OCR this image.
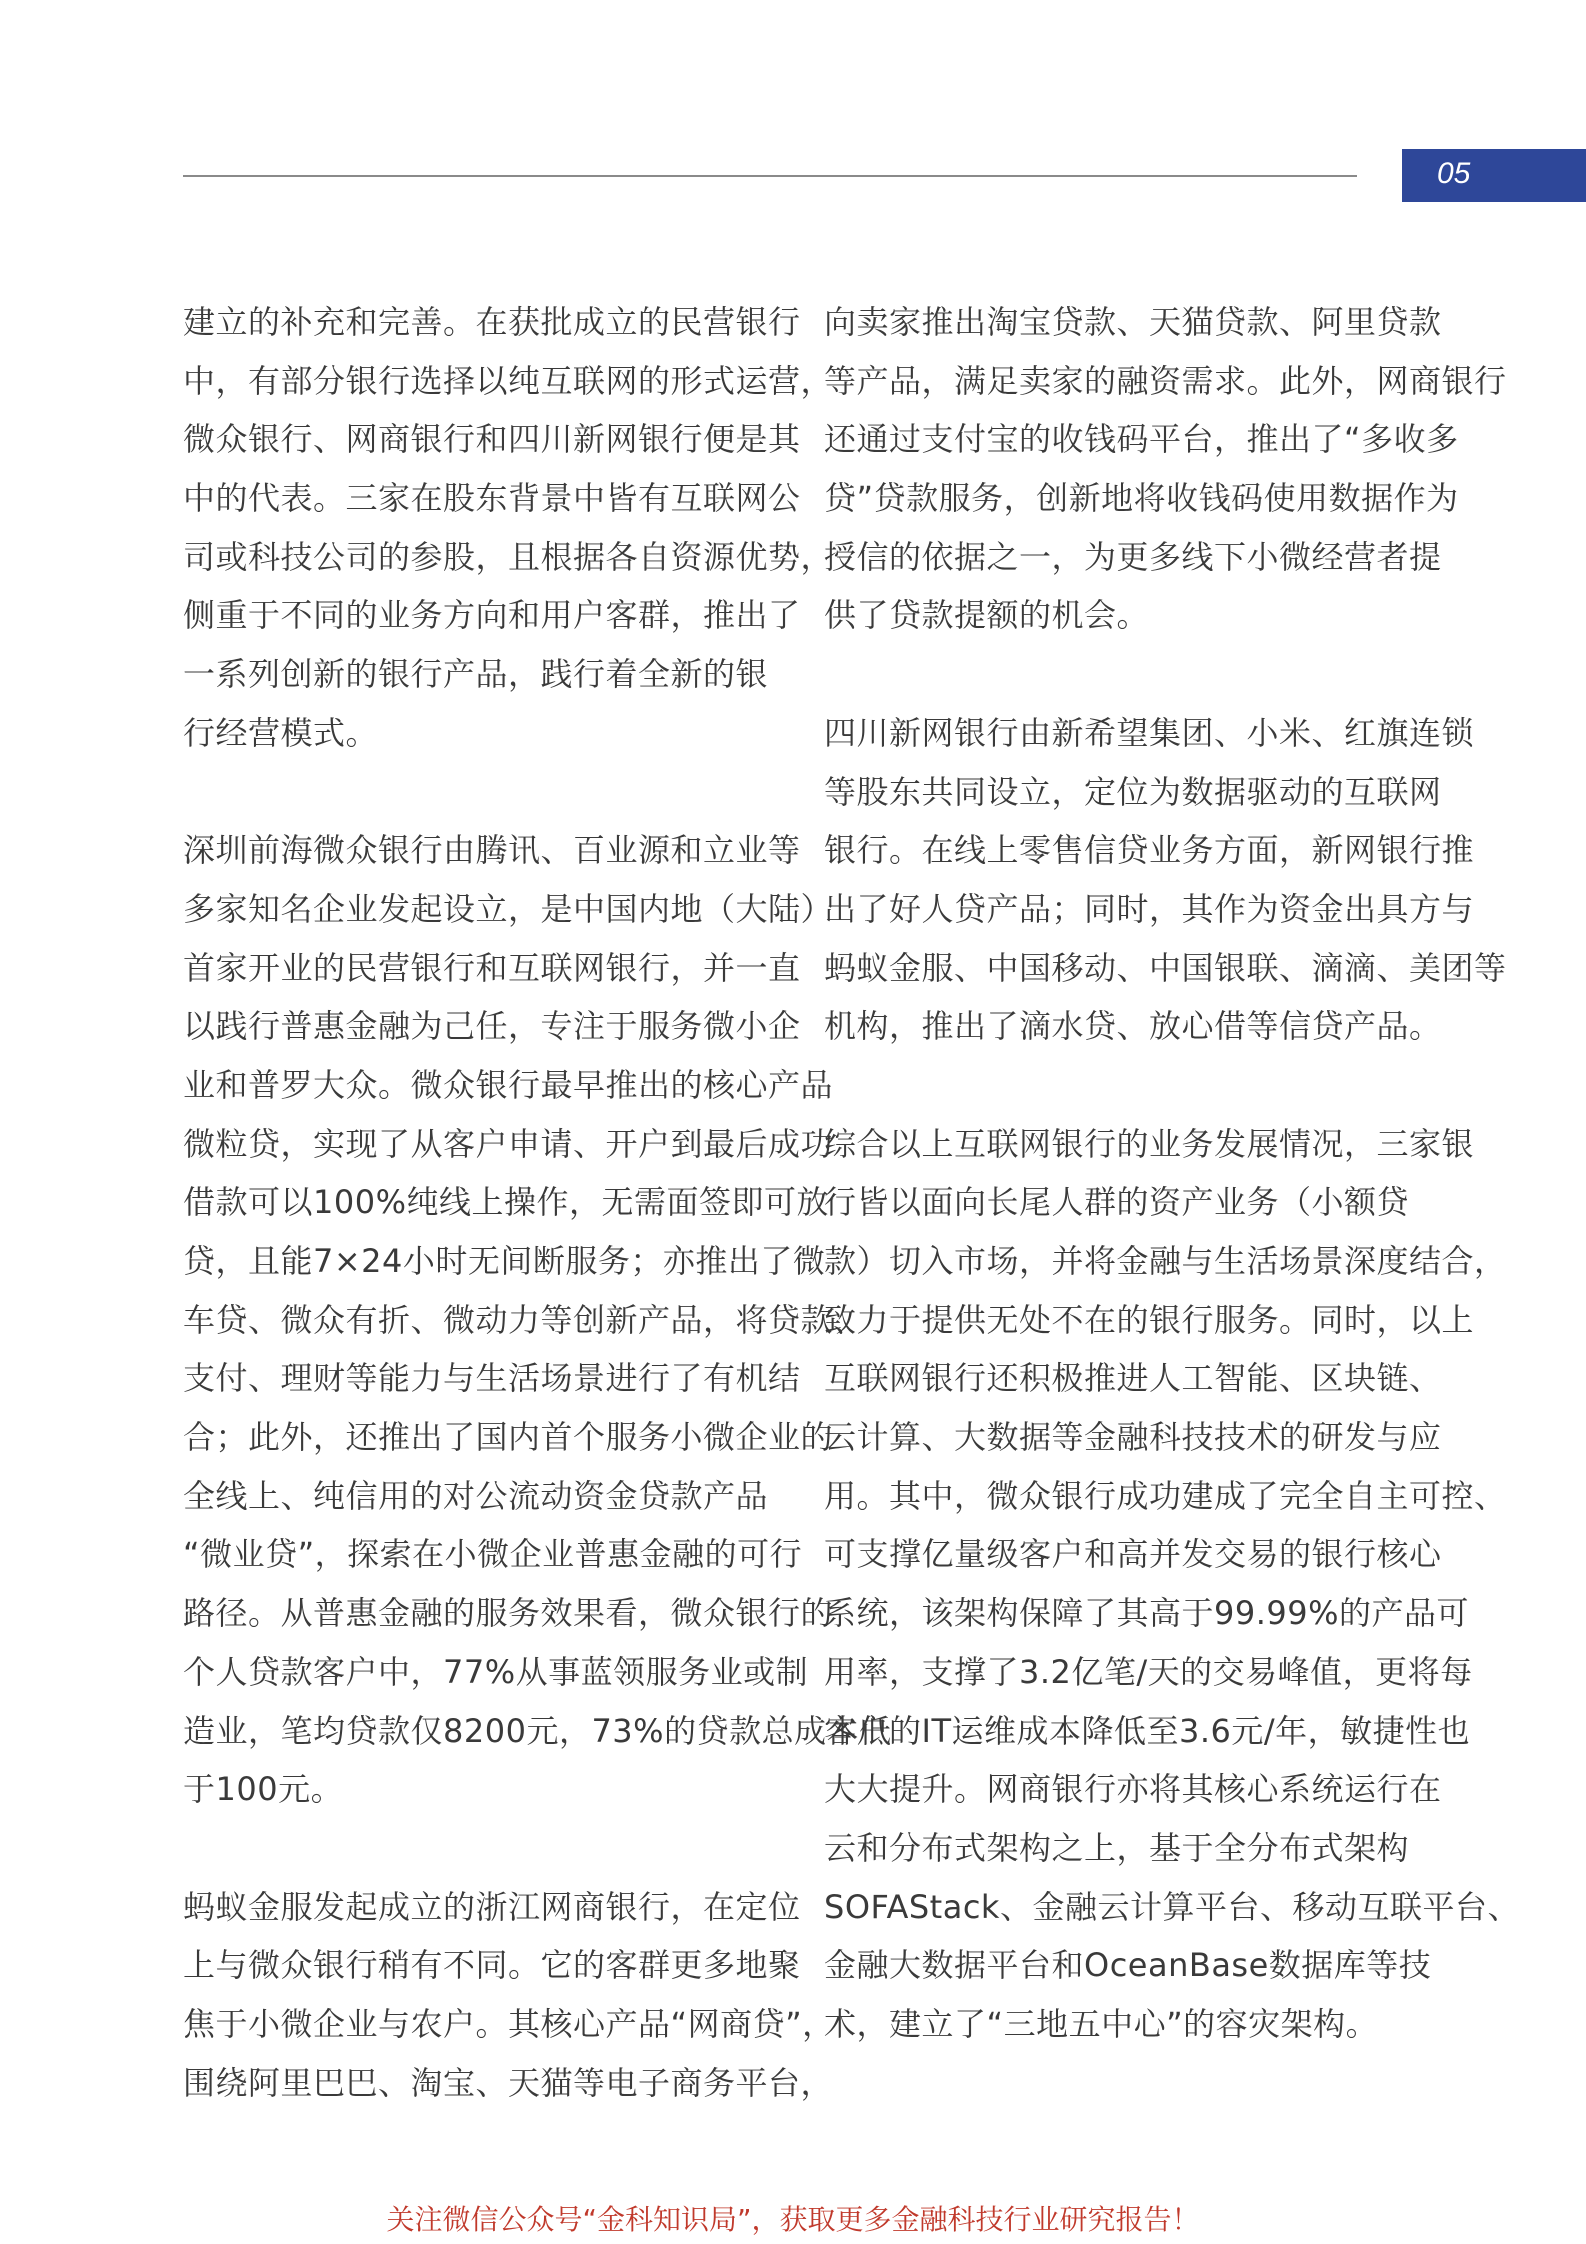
05
建立的补充和完善。在获批成立的民营银行
中，有部分银行选择以纯互联网的形式运营，
微众银行、网商银行和四川新网银行便是其
中的代表。三家在股东背景中皆有互联网公
司或科技公司的参股，且根据各自资源优势，
侧重于不同的业务方向和用户客群，推出了
一系列创新的银行产品，践行着全新的银
行经营模式。
深圳前海微众银行由腾讯、百业源和立业等
多家知名企业发起设立，是中国内地（大陆）
首家开业的民营银行和互联网银行，并一直
以践行普惠金融为己任，专注于服务微小企
业和普罗大众。微众银行最早推出的核心产品
微粒贷，实现了从客户申请、开户到最后成功
借款可以100%纯线上操作，无需面签即可放
贷，且能7×24小时无间断服务；亦推出了微
车贷、微众有折、微动力等创新产品，将贷款、
支付、理财等能力与生活场景进行了有机结
合；此外，还推出了国内首个服务小微企业的
全线上、纯信用的对公流动资金贷款产品
“微业贷”，探索在小微企业普惠金融的可行
路径。从普惠金融的服务效果看，微众银行的
个人贷款客户中，77%从事蓝领服务业或制
造业，笔均贷款仅8200元，73%的贷款总成本低
于100元。
蚂蚁金服发起成立的浙江网商银行，在定位
上与微众银行稍有不同。它的客群更多地聚
焦于小微企业与农户。其核心产品“网商贷”，
围绕阿里巴巴、淘宝、天猫等电子商务平台，
向卖家推出淘宝贷款、天猫贷款、阿里贷款
等产品，满足卖家的融资需求。此外，网商银行
还通过支付宝的收钱码平台，推出了“多收多
贷”贷款服务，创新地将收钱码使用数据作为
授信的依据之一，为更多线下小微经营者提
供了贷款提额的机会。
四川新网银行由新希望集团、小米、红旗连锁
等股东共同设立，定位为数据驱动的互联网
银行。在线上零售信贷业务方面，新网银行推
出了好人贷产品；同时，其作为资金出具方与
蚂蚁金服、中国移动、中国银联、滴滴、美团等
机构，推出了滴水贷、放心借等信贷产品。
综合以上互联网银行的业务发展情况，三家银
行皆以面向长尾人群的资产业务（小额贷
款）切入市场，并将金融与生活场景深度结合，
致力于提供无处不在的银行服务。同时，以上
互联网银行还积极推进人工智能、区块链、
云计算、大数据等金融科技技术的研发与应
用。其中，微众银行成功建成了完全自主可控、
可支撑亿量级客户和高并发交易的银行核心
系统，该架构保障了其高于99.99%的产品可
用率，支撑了3.2亿笔/天的交易峰值，更将每
客户的IT运维成本降低至3.6元/年，敏捷性也
大大提升。网商银行亦将其核心系统运行在
云和分布式架构之上，基于全分布式架构
SOFAStack、金融云计算平台、移动互联平台、
金融大数据平台和OceanBase数据库等技
术，建立了“三地五中心”的容灾架构。
关注微信公众号“金科知识局”，获取更多金融科技行业研究报告！
